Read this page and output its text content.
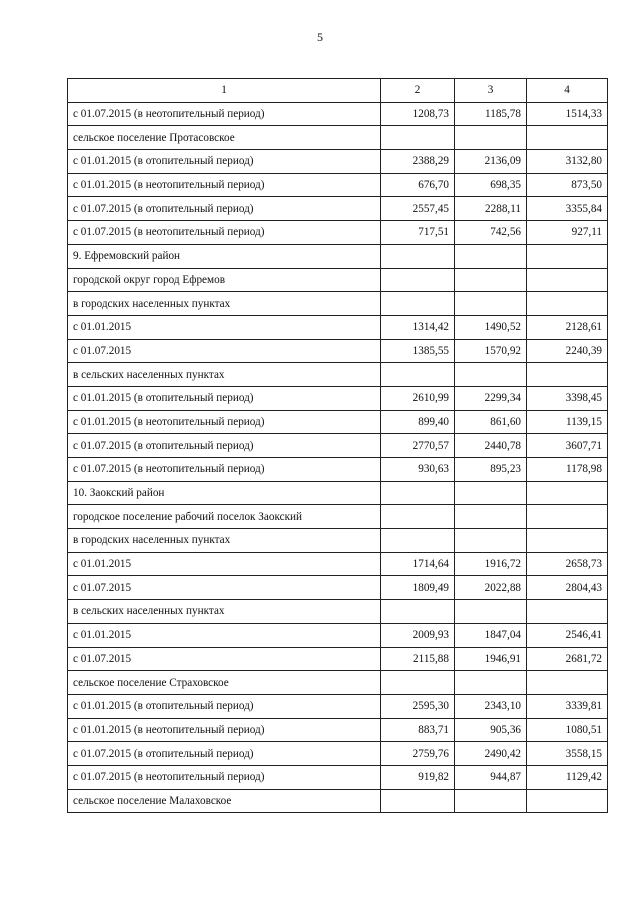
5
1	2	3	4
с 01.07.2015 (в неотопительный период)	1208,73	1185,78	1514,33
сельское поселение Протасовское			
с 01.01.2015 (в отопительный период)	2388,29	2136,09	3132,80
с 01.01.2015 (в неотопительный период)	676,70	698,35	873,50
с 01.07.2015 (в отопительный период)	2557,45	2288,11	3355,84
с 01.07.2015 (в неотопительный период)	717,51	742,56	927,11
9. Ефремовский район			
городской округ город Ефремов			
в городских населенных пунктах			
с 01.01.2015	1314,42	1490,52	2128,61
с 01.07.2015	1385,55	1570,92	2240,39
в сельских населенных пунктах			
с 01.01.2015 (в отопительный период)	2610,99	2299,34	3398,45
с 01.01.2015 (в неотопительный период)	899,40	861,60	1139,15
с 01.07.2015 (в отопительный период)	2770,57	2440,78	3607,71
с 01.07.2015 (в неотопительный период)	930,63	895,23	1178,98
10. Заокский район			
городское поселение рабочий поселок Заокский			
в городских населенных пунктах			
с 01.01.2015	1714,64	1916,72	2658,73
с 01.07.2015	1809,49	2022,88	2804,43
в сельских населенных пунктах			
с 01.01.2015	2009,93	1847,04	2546,41
с 01.07.2015	2115,88	1946,91	2681,72
сельское поселение Страховское			
с 01.01.2015 (в отопительный период)	2595,30	2343,10	3339,81
с 01.01.2015 (в неотопительный период)	883,71	905,36	1080,51
с 01.07.2015 (в отопительный период)	2759,76	2490,42	3558,15
с 01.07.2015 (в неотопительный период)	919,82	944,87	1129,42
сельское поселение Малаховское			
